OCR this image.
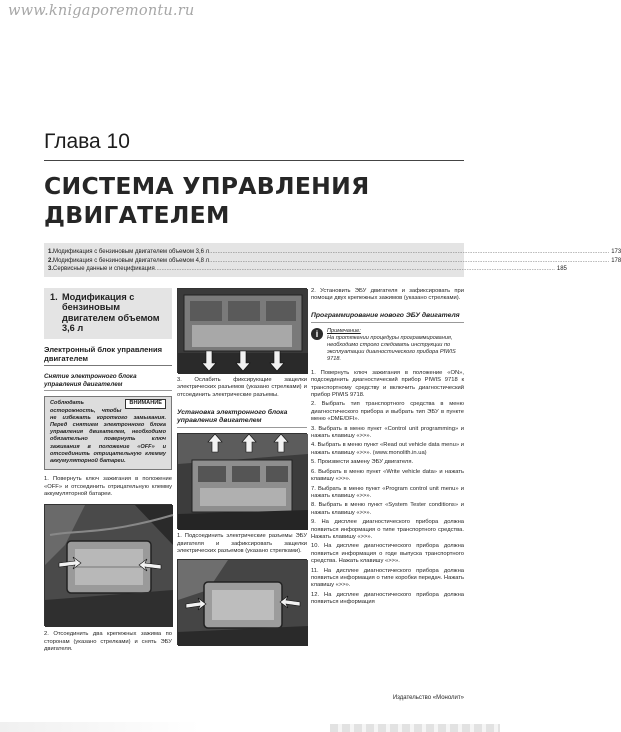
www.knigaporemontu.ru
Глава 10
СИСТЕМА УПРАВЛЕНИЯ
ДВИГАТЕЛЕМ
1. Модификация с бензиновым двигателем объемом 3,6 л ................................................................................................................................................................................................................................................ 173
2. Модификация с бензиновым двигателем объемом 4,8 л ................................................................................................................................................................................................................................................ 178
3. Сервисные данные и спецификация ................................................................................................................................................................................................................................................ 185
1. Модификация с бензиновым двигателем объемом 3,6 л
Электронный блок управления двигателем
Снятие электронного блока управления двигателем
ВНИМАНИЕ
Соблюдать осторожность, чтобы не избежать короткого замыкания. Перед снятием электронного блока управления двигателем, необходимо обязательно повернуть ключ зажигания в положение «OFF» и отсоединить отрицательную клемму аккумуляторной батареи.
1. Повернуть ключ зажигания в положение «OFF» и отсоединить отрицательную клемму аккумуляторной батареи.
2. Отсоединить два крепежных зажима по сторонам (указано стрелками) и снять ЭБУ двигателя.
3. Ослабить фиксирующие защелки электрических разъемов (указано стрелками) и отсоединить электрические разъемы.
Установка электронного блока управления двигателем
1. Подсоединить электрические разъемы ЭБУ двигателя и зафиксировать защелки электрических разъемов (указано стрелками).
2. Установить ЭБУ двигателя и зафиксировать при помощи двух крепежных зажимов (указано стрелками).
Программирование нового ЭБУ двигателя
i	Примечание:
На протяжении процедуры программирования, необходимо строго следовать инструкции по эксплуатации диагностического прибора PIWIS 9718.
1. Повернуть ключ зажигания в положение «ON», подсоединить диагностический прибор PIWIS 9718 к транспортному средству и включить диагностический прибор PIWIS 9718.
2. Выбрать тип транспортного средства в меню диагностического прибора и выбрать тип ЭБУ в пункте меню «DME/DFI».
3. Выбрать в меню пункт «Control unit programming» и нажать клавишу «>>».
4. Выбрать в меню пункт «Read out vehicle data menu» и нажать клавишу «>>». (www.monolith.in.ua)
5. Произвести замену ЭБУ двигателя.
6. Выбрать в меню пункт «Write vehicle data» и нажать клавишу «>>».
7. Выбрать в меню пункт «Program control unit menu» и нажать клавишу «>>».
8. Выбрать в меню пункт «System Tester conditions» и нажать клавишу «>>».
9. На дисплее диагностического прибора должна появиться информация о типе транспортного средства. Нажать клавишу «>>».
10. На дисплее диагностического прибора должна появиться информация о годе выпуска транспортного средства. Нажать клавишу «>>».
11. На дисплее диагностического прибора должна появиться информация о типе коробки передач. Нажать клавишу «>>».
12. На дисплее диагностического прибора должна появиться информация
Издательство «Монолит»
